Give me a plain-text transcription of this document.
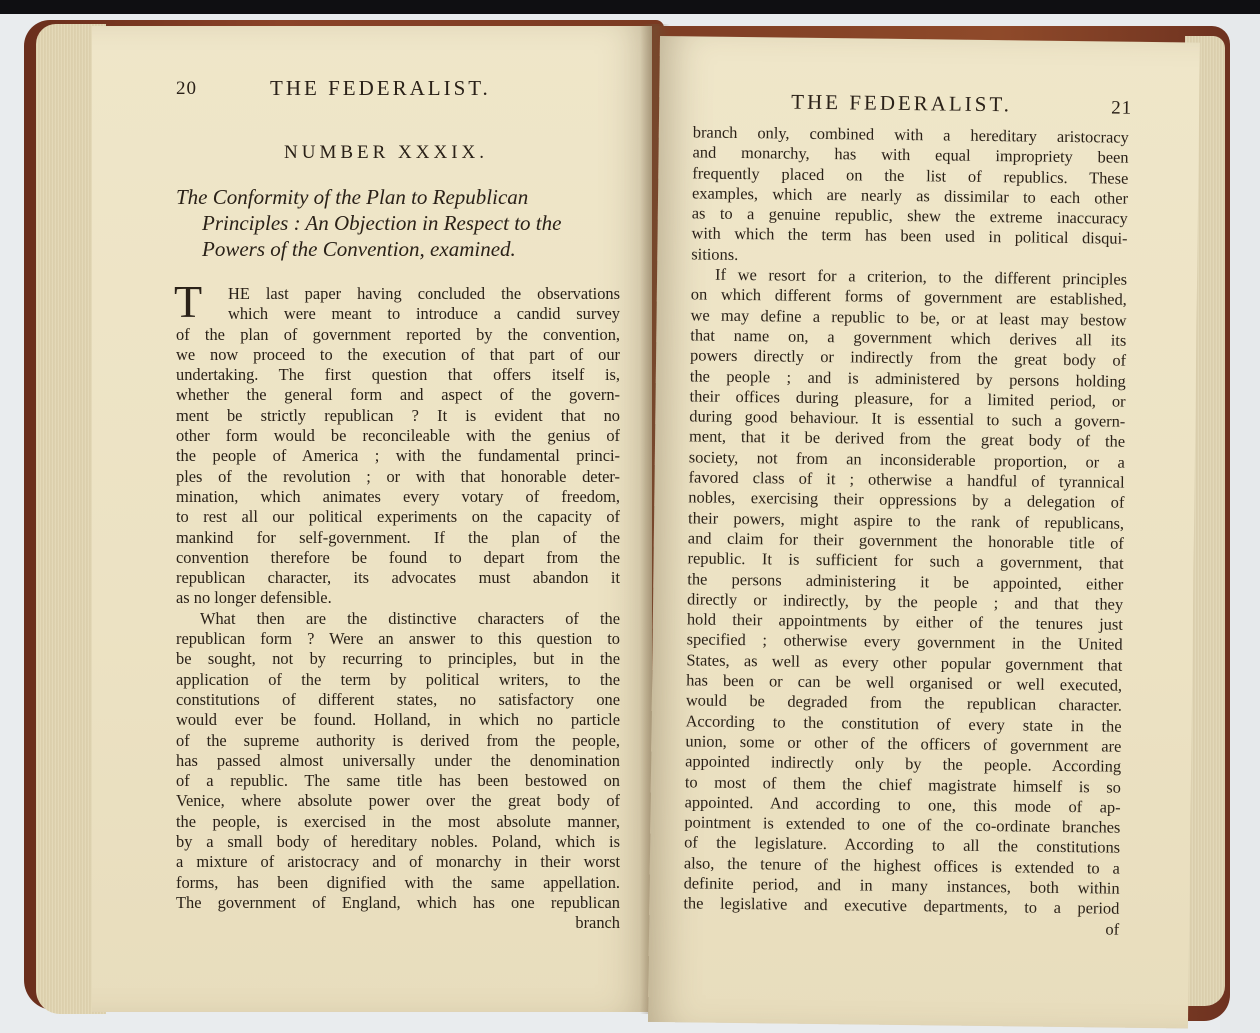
20	THE FEDERALIST.
NUMBER XXXIX.
The Conformity of the Plan to Republican
Principles : An Objection in Respect to the
Powers of the Convention, examined.
T	HE last paper having concluded the observations
which were meant to introduce a candid survey
of the plan of government reported by the convention,
we now proceed to the execution of that part of our
undertaking. The first question that offers itself is,
whether the general form and aspect of the govern-
ment be strictly republican ? It is evident that no
other form would be reconcileable with the genius of
the people of America ; with the fundamental princi-
ples of the revolution ; or with that honorable deter-
mination, which animates every votary of freedom,
to rest all our political experiments on the capacity of
mankind for self-government. If the plan of the
convention therefore be found to depart from the
republican character, its advocates must abandon it
as no longer defensible.
What then are the distinctive characters of the
republican form ? Were an answer to this question to
be sought, not by recurring to principles, but in the
application of the term by political writers, to the
constitutions of different states, no satisfactory one
would ever be found. Holland, in which no particle
of the supreme authority is derived from the people,
has passed almost universally under the denomination
of a republic. The same title has been bestowed on
Venice, where absolute power over the great body of
the people, is exercised in the most absolute manner,
by a small body of hereditary nobles. Poland, which is
a mixture of aristocracy and of monarchy in their worst
forms, has been dignified with the same appellation.
The government of England, which has one republican
branch
THE FEDERALIST.	21
branch only, combined with a hereditary aristocracy
and monarchy, has with equal impropriety been
frequently placed on the list of republics. These
examples, which are nearly as dissimilar to each other
as to a genuine republic, shew the extreme inaccuracy
with which the term has been used in political disqui-
sitions.
If we resort for a criterion, to the different principles
on which different forms of government are established,
we may define a republic to be, or at least may bestow
that name on, a government which derives all its
powers directly or indirectly from the great body of
the people ; and is administered by persons holding
their offices during pleasure, for a limited period, or
during good behaviour. It is essential to such a govern-
ment, that it be derived from the great body of the
society, not from an inconsiderable proportion, or a
favored class of it ; otherwise a handful of tyrannical
nobles, exercising their oppressions by a delegation of
their powers, might aspire to the rank of republicans,
and claim for their government the honorable title of
republic. It is sufficient for such a government, that
the persons administering it be appointed, either
directly or indirectly, by the people ; and that they
hold their appointments by either of the tenures just
specified ; otherwise every government in the United
States, as well as every other popular government that
has been or can be well organised or well executed,
would be degraded from the republican character.
According to the constitution of every state in the
union, some or other of the officers of government are
appointed indirectly only by the people. According
to most of them the chief magistrate himself is so
appointed. And according to one, this mode of ap-
pointment is extended to one of the co-ordinate branches
of the legislature. According to all the constitutions
also, the tenure of the highest offices is extended to a
definite period, and in many instances, both within
the legislative and executive departments, to a period
of
